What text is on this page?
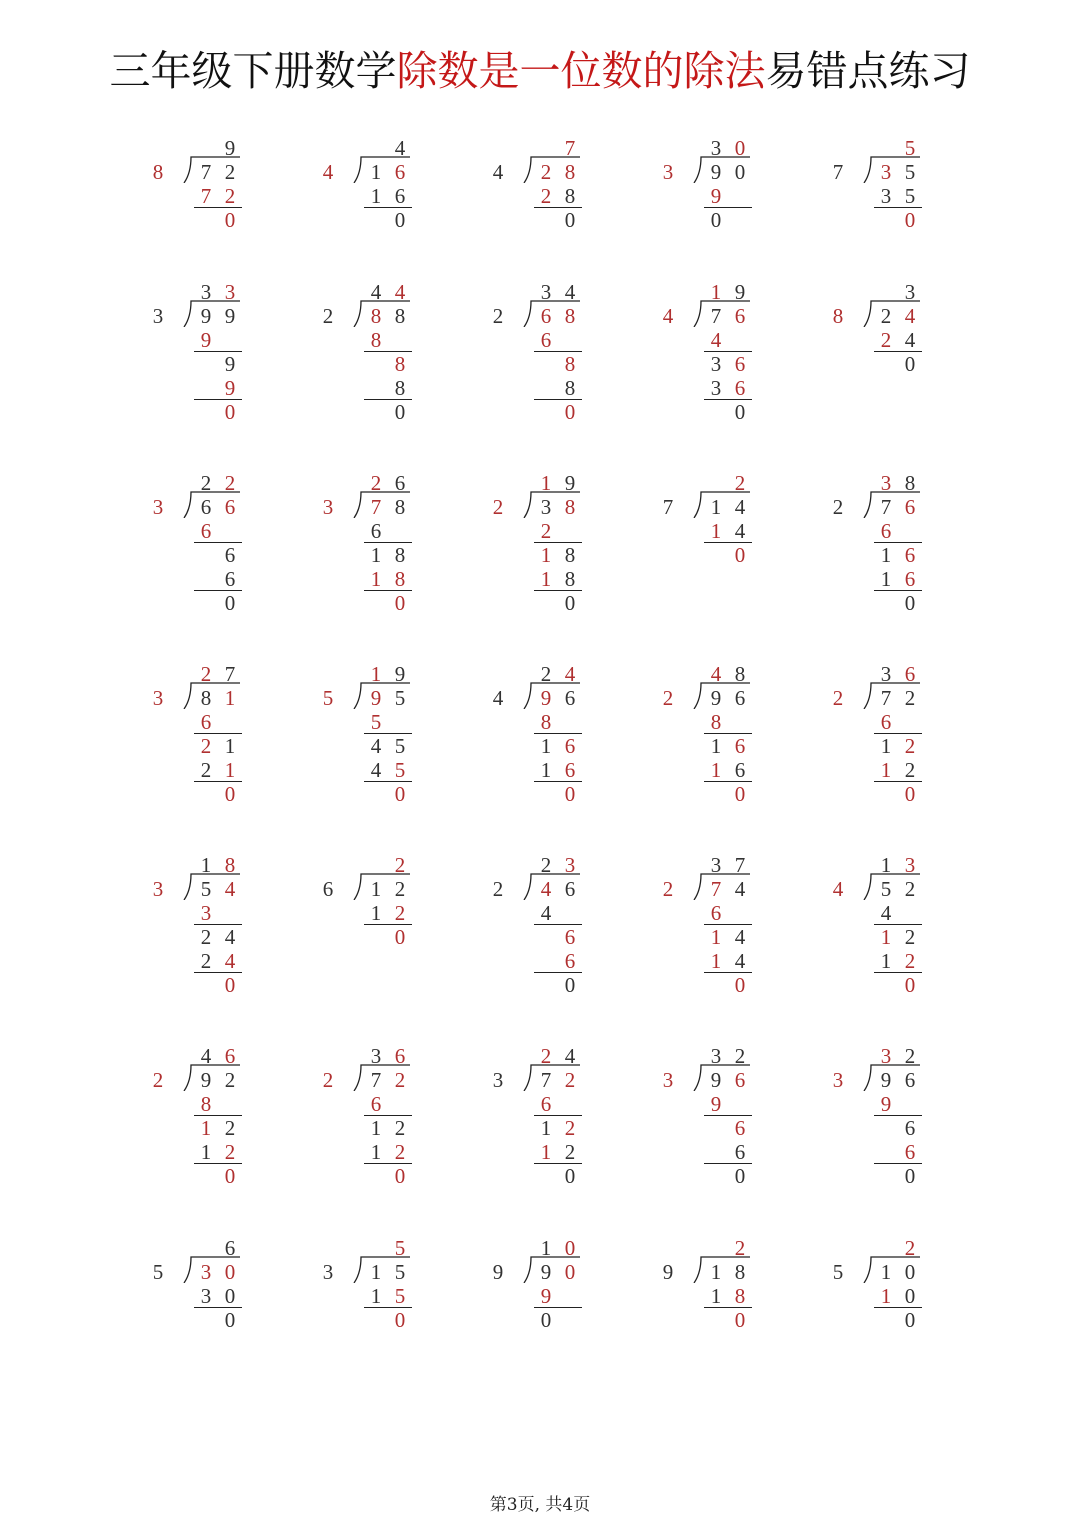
三年级下册数学除数是一位数的除法易错点练习
9
8 7 2
7 2
0
4
4 1 6
1 6
0
7
4 2 8
2 8
0
3 0
3 9 0
9
0
5
7 3 5
3 5
0
3 3
3 9 9
9
9
9
0
4 4
2 8 8
8
8
8
0
3 4
2 6 8
6
8
8
0
1 9
4 7 6
4
3 6
3 6
0
3
8 2 4
2 4
0
2 2
3 6 6
6
6
6
0
2 6
3 7 8
6
1 8
1 8
0
1 9
2 3 8
2
1 8
1 8
0
2
7 1 4
1 4
0
3 8
2 7 6
6
1 6
1 6
0
2 7
3 8 1
6
2 1
2 1
0
1 9
5 9 5
5
4 5
4 5
0
2 4
4 9 6
8
1 6
1 6
0
4 8
2 9 6
8
1 6
1 6
0
3 6
2 7 2
6
1 2
1 2
0
1 8
3 5 4
3
2 4
2 4
0
2
6 1 2
1 2
0
2 3
2 4 6
4
6
6
0
3 7
2 7 4
6
1 4
1 4
0
1 3
4 5 2
4
1 2
1 2
0
4 6
2 9 2
8
1 2
1 2
0
3 6
2 7 2
6
1 2
1 2
0
2 4
3 7 2
6
1 2
1 2
0
3 2
3 9 6
9
6
6
0
3 2
3 9 6
9
6
6
0
6
5 3 0
3 0
0
5
3 1 5
1 5
0
1 0
9 9 0
9
0
2
9 1 8
1 8
0
2
5 1 0
1 0
0
第3页, 共4页
